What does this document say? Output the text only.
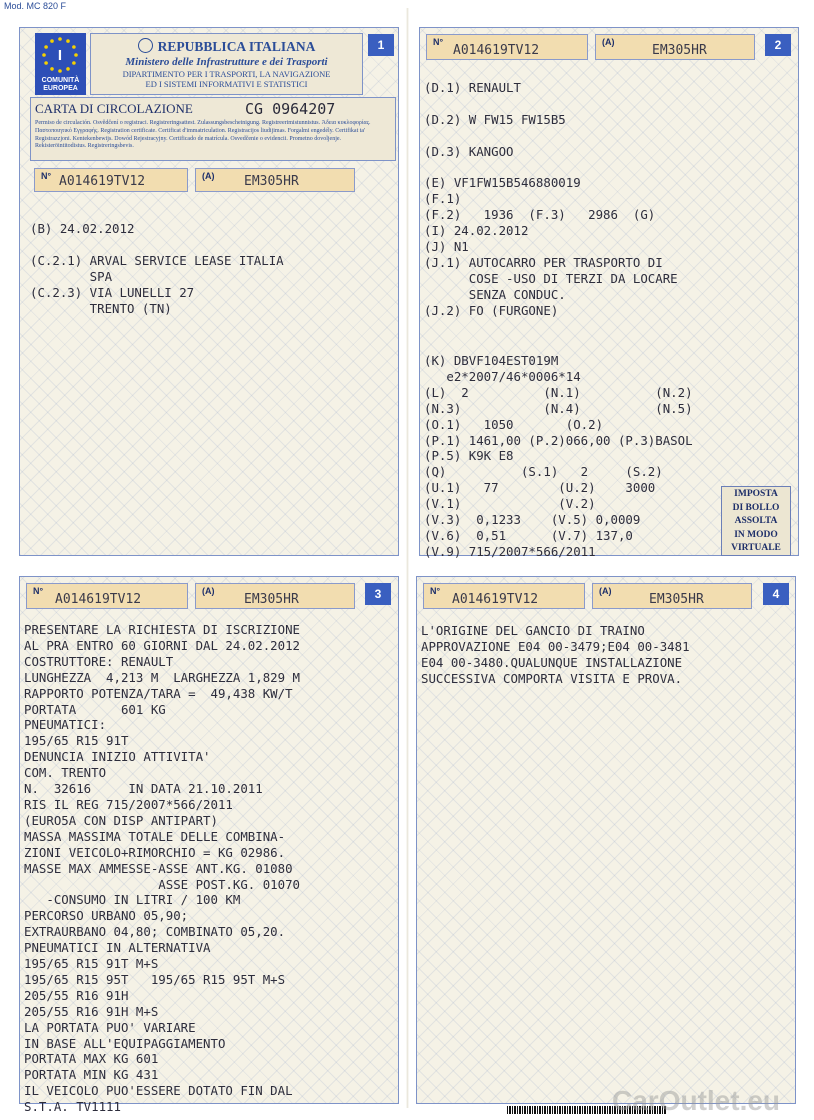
Mod. MC 820 F
I
COMUNITÀ
EUROPEA
REPUBBLICA ITALIANA
Ministero delle Infrastrutture e dei Trasporti
DIPARTIMENTO PER I TRASPORTI, LA NAVIGAZIONE
ED I SISTEMI INFORMATIVI E STATISTICI
1
CARTA DI CIRCOLAZIONE	CG 0964207
Permiso de circulación. Osvědčení o registraci. Registreringsattest. Zulassungsbescheinigung. Registreerimistunnistus. Άδεια κυκλοφορίας. Παστοποιητικό Εγγραφής. Registration certificate. Certificat d'immatriculation. Registracijos liudijimas. Forgalmi engedély. Certifikat ta' Registrazzjoni. Kentekenbewijs. Dowód Rejestracyjny. Certificado de matrícula. Osvedčenie o evidencii. Prometno dovoljenje. Rekisteröintitodistus. Registreringsbevis.
N° A014619TV12	(A) EM305HR
(B) 24.02.2012

(C.2.1) ARVAL SERVICE LEASE ITALIA
SPA
(C.2.3) VIA LUNELLI 27
TRENTO (TN)
N°
A014619TV12
(A)
EM305HR	2
(D.1) RENAULT

(D.2) W FW15 FW15B5

(D.3) KANGOO

(E) VF1FW15B546880019
(F.1)
(F.2)   1936  (F.3)   2986  (G)
(I) 24.02.2012
(J) N1
(J.1) AUTOCARRO PER TRASPORTO DI
COSE -USO DI TERZI DA LOCARE
SENZA CONDUC.
(J.2) FO (FURGONE)
(K) DBVF104EST019M
e2*2007/46*0006*14
(L)  2          (N.1)          (N.2)
(N.3)           (N.4)          (N.5)
(O.1)   1050       (O.2)
(P.1) 1461,00 (P.2)066,00 (P.3)BASOL
(P.5) K9K E8
(Q)          (S.1)   2     (S.2)
(U.1)   77        (U.2)    3000
(V.1)             (V.2)
(V.3)  0,1233    (V.5) 0,0009
(V.6)  0,51      (V.7) 137,0
(V.9) 715/2007*566/2011
IMPOSTA
DI BOLLO
ASSOLTA
IN MODO
VIRTUALE
N°
A014619TV12
(A)
EM305HR	3
PRESENTARE LA RICHIESTA DI ISCRIZIONE
AL PRA ENTRO 60 GIORNI DAL 24.02.2012
COSTRUTTORE: RENAULT
LUNGHEZZA  4,213 M  LARGHEZZA 1,829 M
RAPPORTO POTENZA/TARA =  49,438 KW/T
PORTATA      601 KG
PNEUMATICI:
195/65 R15 91T
DENUNCIA INIZIO ATTIVITA'
COM. TRENTO
N.  32616     IN DATA 21.10.2011
RIS IL REG 715/2007*566/2011
(EURO5A CON DISP ANTIPART)
MASSA MASSIMA TOTALE DELLE COMBINA-
ZIONI VEICOLO+RIMORCHIO = KG 02986.
MASSE MAX AMMESSE-ASSE ANT.KG. 01080
ASSE POST.KG. 01070
-CONSUMO IN LITRI / 100 KM
PERCORSO URBANO 05,90;
EXTRAURBANO 04,80; COMBINATO 05,20.
PNEUMATICI IN ALTERNATIVA
195/65 R15 91T M+S
195/65 R15 95T   195/65 R15 95T M+S
205/55 R16 91H
205/55 R16 91H M+S
LA PORTATA PUO' VARIARE
IN BASE ALL'EQUIPAGGIAMENTO
PORTATA MAX KG 601
PORTATA MIN KG 431
IL VEICOLO PUO'ESSERE DOTATO FIN DAL
S.T.A. TV1111
N°
A014619TV12
(A)
EM305HR	4
L'ORIGINE DEL GANCIO DI TRAINO
APPROVAZIONE E04 00-3479;E04 00-3481
E04 00-3480.QUALUNQUE INSTALLAZIONE
SUCCESSIVA COMPORTA VISITA E PROVA.
CarOutlet.eu
